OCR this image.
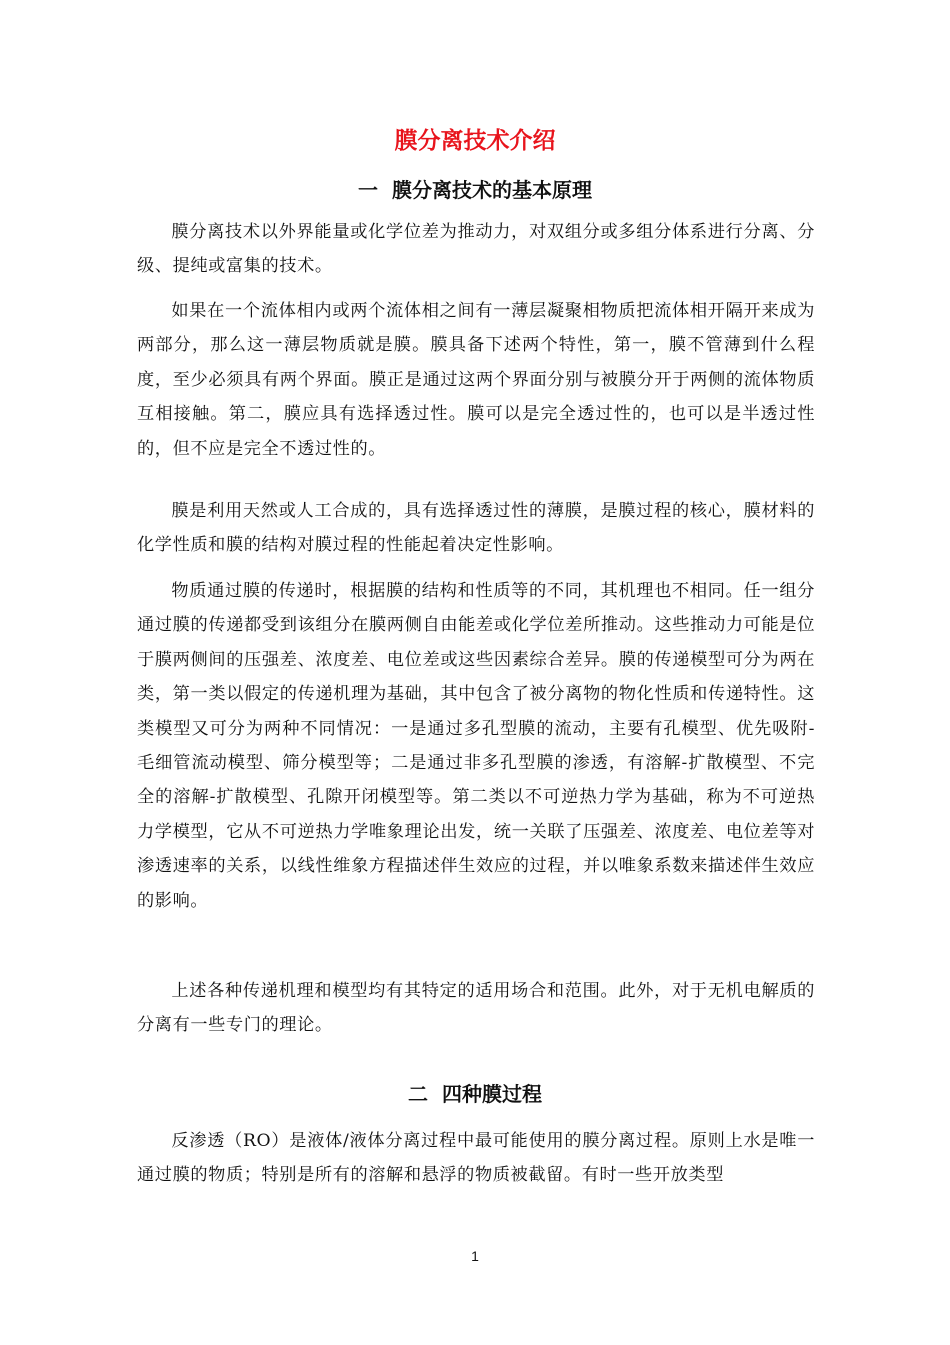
膜分离技术介绍
一 膜分离技术的基本原理

膜分离技术以外界能量或化学位差为推动力，对双组分或多组分体系进行分离、分级、提纯或富集的技术。

如果在一个流体相内或两个流体相之间有一薄层凝聚相物质把流体相开隔开来成为两部分，那么这一薄层物质就是膜。膜具备下述两个特性，第一，膜不管薄到什么程度，至少必须具有两个界面。膜正是通过这两个界面分别与被膜分开于两侧的流体物质互相接触。第二，膜应具有选择透过性。膜可以是完全透过性的，也可以是半透过性的，但不应是完全不透过性的。

膜是利用天然或人工合成的，具有选择透过性的薄膜，是膜过程的核心，膜材料的化学性质和膜的结构对膜过程的性能起着决定性影响。

物质通过膜的传递时，根据膜的结构和性质等的不同，其机理也不相同。任一组分通过膜的传递都受到该组分在膜两侧自由能差或化学位差所推动。这些推动力可能是位于膜两侧间的压强差、浓度差、电位差或这些因素综合差异。膜的传递模型可分为两在类，第一类以假定的传递机理为基础，其中包含了被分离物的物化性质和传递特性。这类模型又可分为两种不同情况：一是通过多孔型膜的流动，主要有孔模型、优先吸附-毛细管流动模型、筛分模型等；二是通过非多孔型膜的渗透，有溶解-扩散模型、不完全的溶解-扩散模型、孔隙开闭模型等。第二类以不可逆热力学为基础，称为不可逆热力学模型，它从不可逆热力学唯象理论出发，统一关联了压强差、浓度差、电位差等对渗透速率的关系，以线性维象方程描述伴生效应的过程，并以唯象系数来描述伴生效应的影响。

上述各种传递机理和模型均有其特定的适用场合和范围。此外，对于无机电解质的分离有一些专门的理论。

二 四种膜过程

反渗透（RO）是液体/液体分离过程中最可能使用的膜分离过程。原则上水是唯一通过膜的物质；特别是所有的溶解和悬浮的物质被截留。有时一些开放类型

1
